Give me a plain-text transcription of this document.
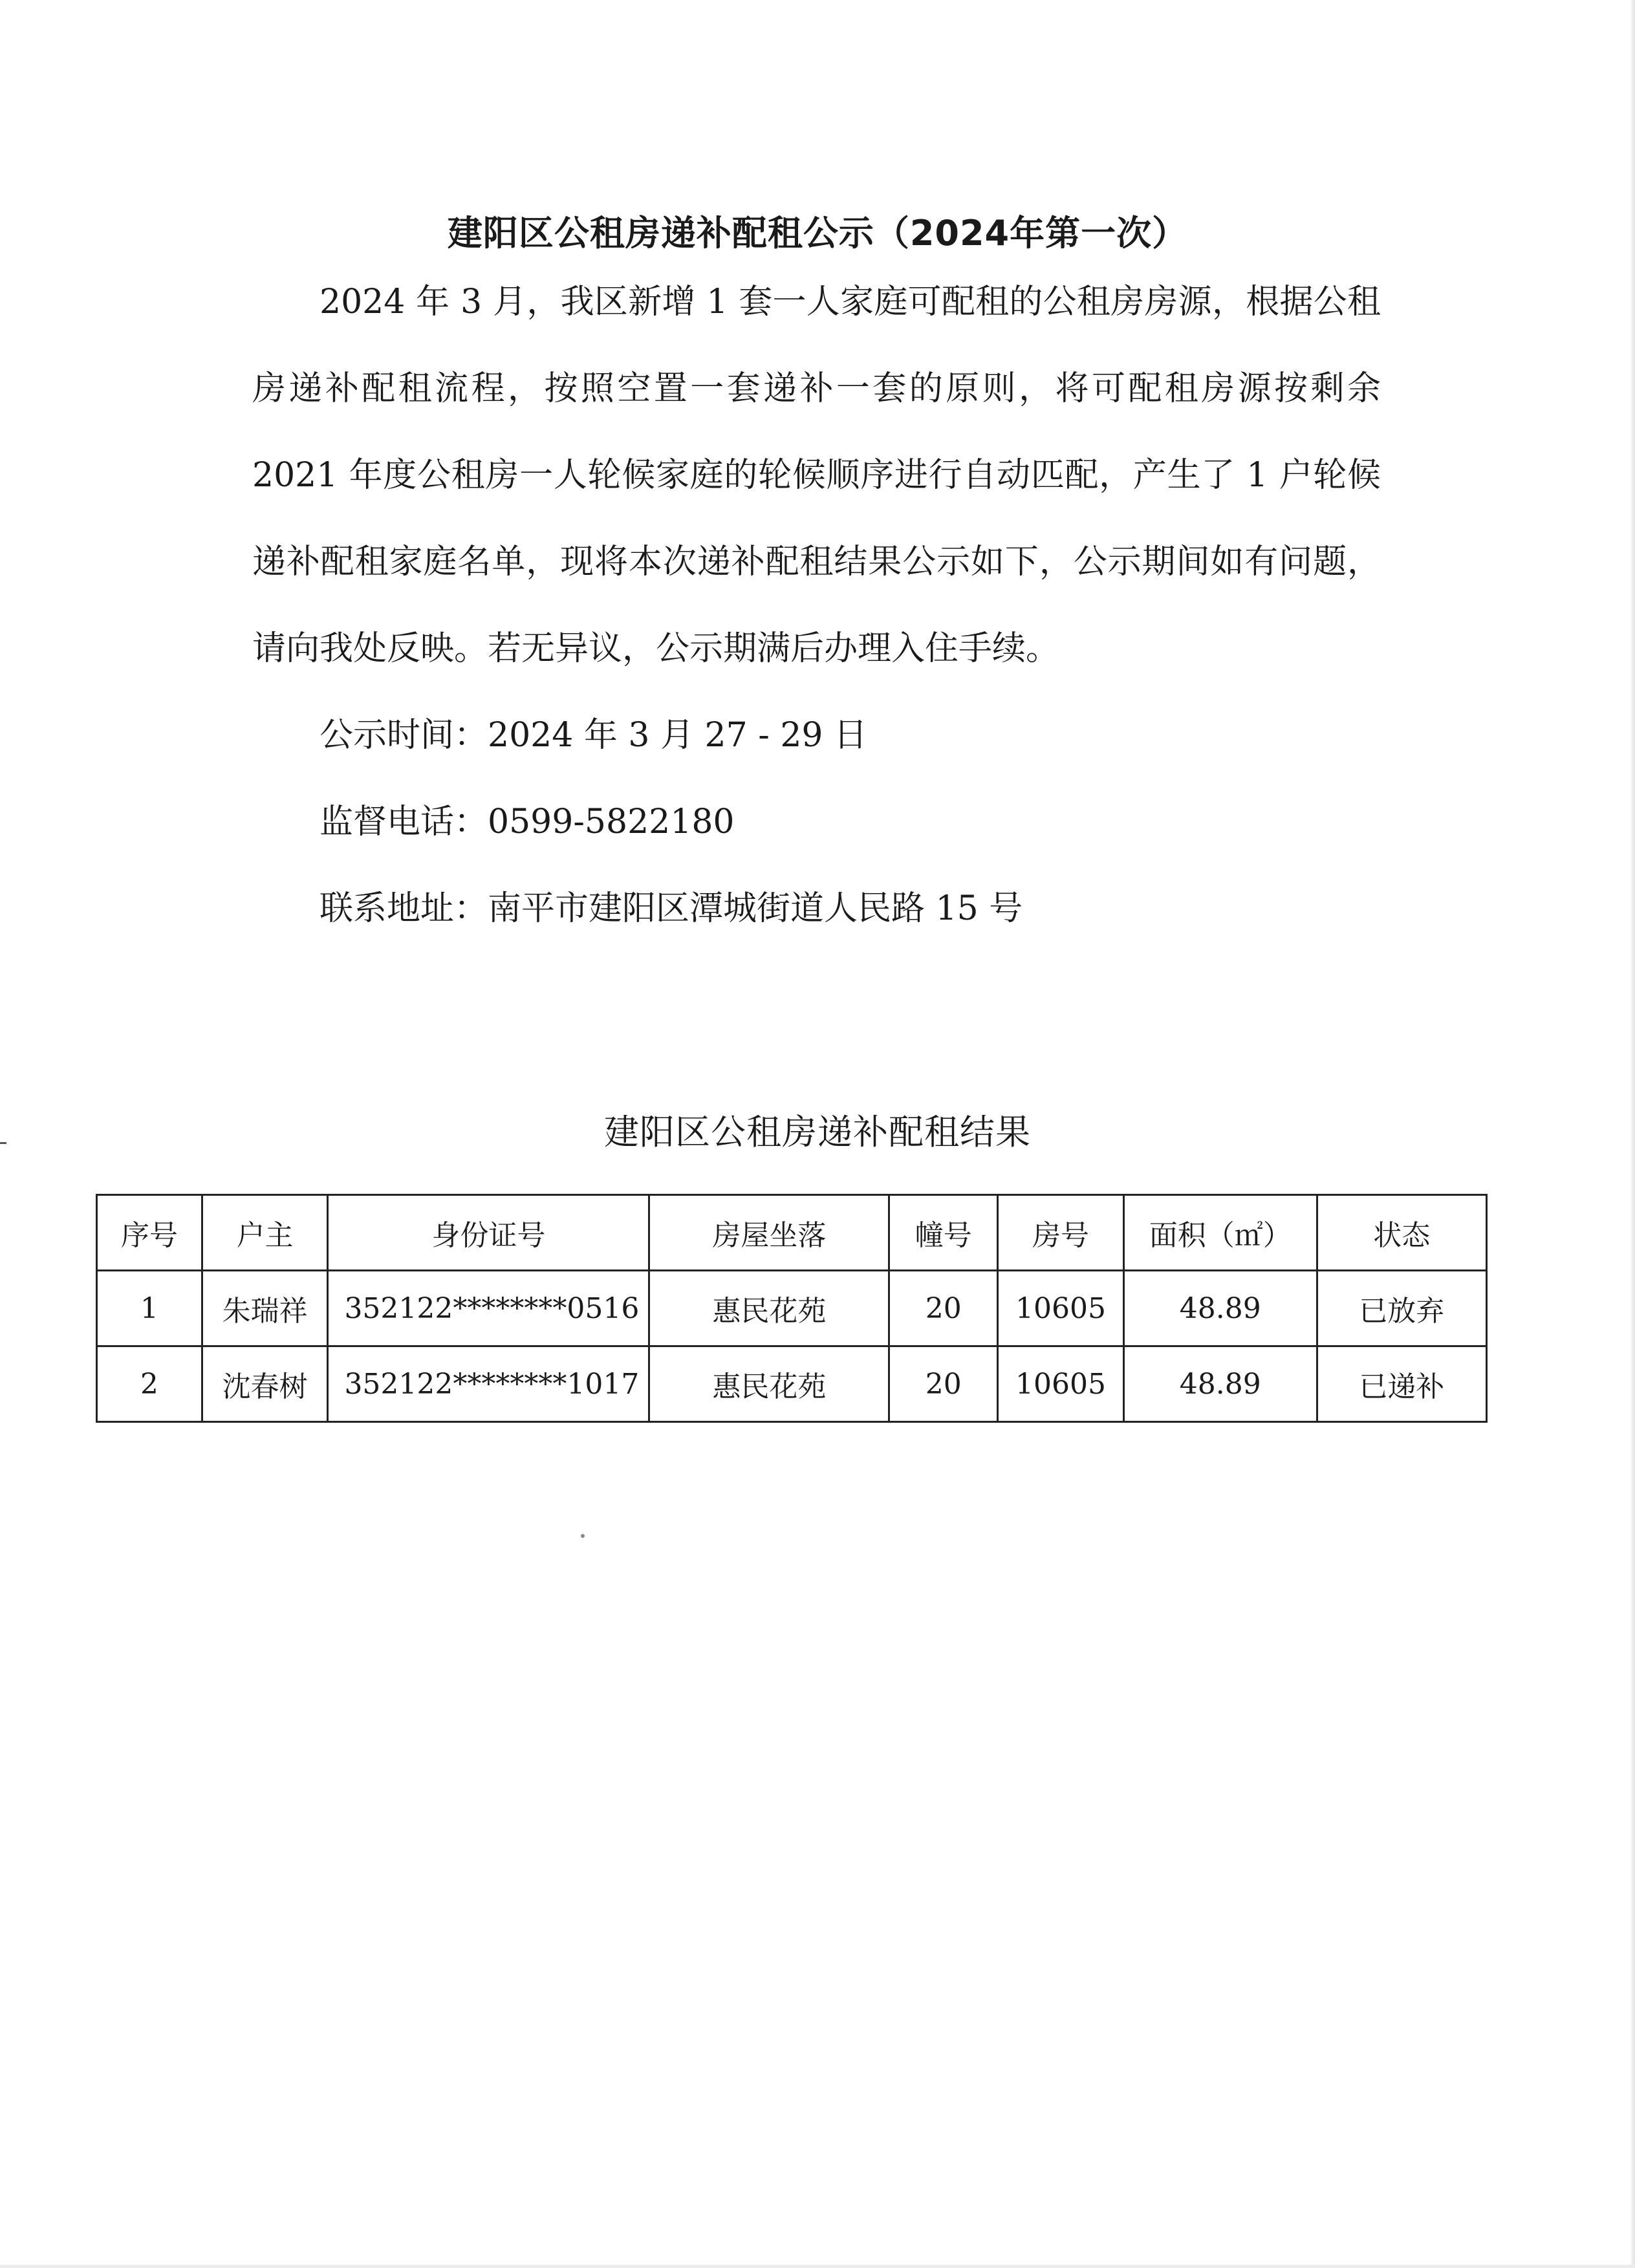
建阳区公租房递补配租公示（2024年第一次）

2024 年 3 月，我区新增 1 套一人家庭可配租的公租房房源，根据公租房递补配租流程，按照空置一套递补一套的原则，将可配租房源按剩余 2021 年度公租房一人轮候家庭的轮候顺序进行自动匹配，产生了 1 户轮候递补配租家庭名单，现将本次递补配租结果公示如下，公示期间如有问题，请向我处反映。若无异议，公示期满后办理入住手续。

公示时间：2024 年 3 月 27 - 29 日

监督电话：0599-5822180

联系地址：南平市建阳区潭城街道人民路 15 号

建阳区公租房递补配租结果
序号	户主	身份证号	房屋坐落	幢号	房号	面积（㎡）	状态
1	朱瑞祥	352122********0516	惠民花苑	20	10605	48.89	已放弃
2	沈春树	352122********1017	惠民花苑	20	10605	48.89	已递补
